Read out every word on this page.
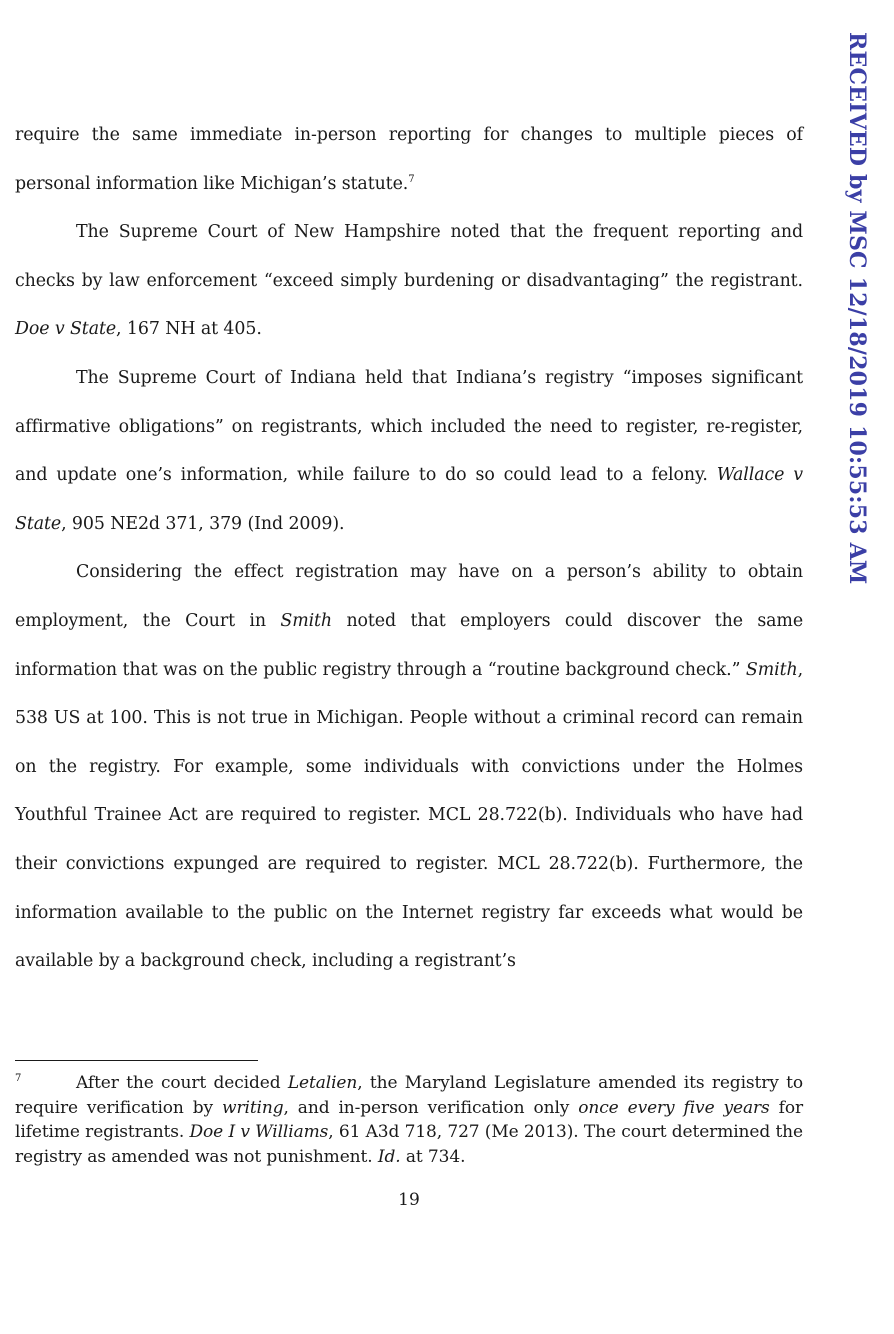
RECEIVED by MSC 12/18/2019 10:55:53 AM

require the same immediate in-person reporting for changes to multiple pieces of personal information like Michigan’s statute.$^7$

The Supreme Court of New Hampshire noted that the frequent reporting and checks by law enforcement “exceed simply burdening or disadvantaging” the registrant. Doe v State, 167 NH at 405.

The Supreme Court of Indiana held that Indiana’s registry “imposes significant affirmative obligations” on registrants, which included the need to register, re-register, and update one’s information, while failure to do so could lead to a felony. Wallace v State, 905 NE2d 371, 379 (Ind 2009).

Considering the effect registration may have on a person’s ability to obtain employment, the Court in Smith noted that employers could discover the same information that was on the public registry through a “routine background check.” Smith, 538 US at 100. This is not true in Michigan. People without a criminal record can remain on the registry. For example, some individuals with convictions under the Holmes Youthful Trainee Act are required to register. MCL 28.722(b). Individuals who have had their convictions expunged are required to register. MCL 28.722(b). Furthermore, the information available to the public on the Internet registry far exceeds what would be available by a background check, including a registrant’s

7	After the court decided Letalien, the Maryland Legislature amended its registry to require verification by writing, and in-person verification only once every five years for lifetime registrants. Doe I v Williams, 61 A3d 718, 727 (Me 2013). The court determined the registry as amended was not punishment. Id. at 734.
19
